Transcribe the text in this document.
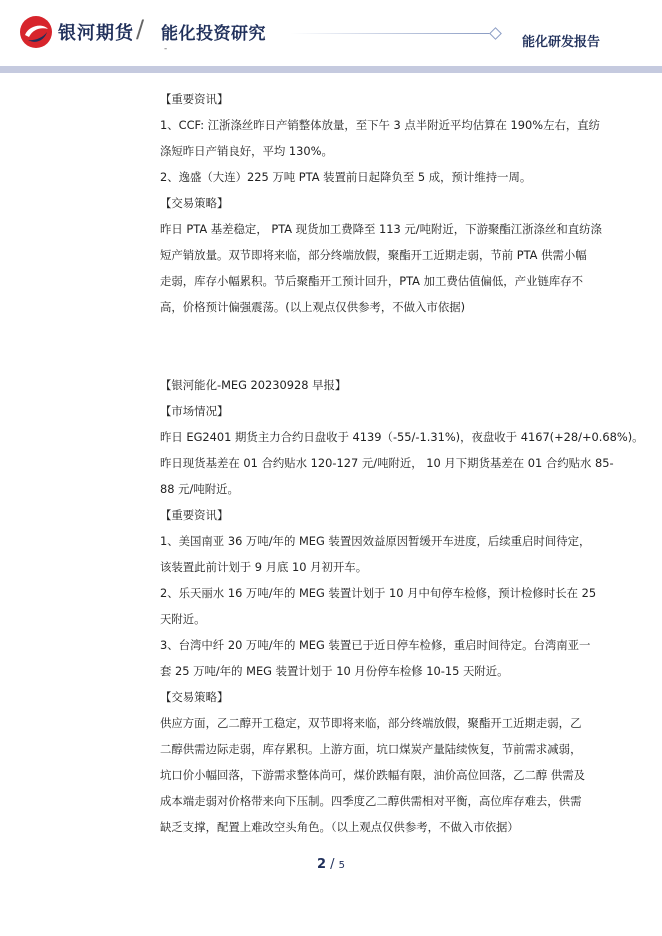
银河期货 / 能化投资研究
-	能化研发报告
【重要资讯】
1、CCF: 江浙涤丝昨日产销整体放量，至下午 3 点半附近平均估算在 190%左右，直纺
涤短昨日产销良好，平均 130%。
2、逸盛（大连）225 万吨 PTA 装置前日起降负至 5 成，预计维持一周。
【交易策略】
昨日 PTA 基差稳定， PTA 现货加工费降至 113 元/吨附近，下游聚酯江浙涤丝和直纺涤
短产销放量。双节即将来临，部分终端放假，聚酯开工近期走弱，节前 PTA 供需小幅
走弱，库存小幅累积。节后聚酯开工预计回升，PTA 加工费估值偏低，产业链库存不
高，价格预计偏强震荡。(以上观点仅供参考，不做入市依据)
【银河能化-MEG 20230928 早报】
【市场情况】
昨日 EG2401 期货主力合约日盘收于 4139（-55/-1.31%)，夜盘收于 4167(+28/+0.68%)。
昨日现货基差在 01 合约贴水 120-127 元/吨附近， 10 月下期货基差在 01 合约贴水 85-
88 元/吨附近。
【重要资讯】
1、美国南亚 36 万吨/年的 MEG 装置因效益原因暂缓开车进度，后续重启时间待定，
该装置此前计划于 9 月底 10 月初开车。
2、乐天丽水 16 万吨/年的 MEG 装置计划于 10 月中旬停车检修，预计检修时长在 25
天附近。
3、台湾中纤 20 万吨/年的 MEG 装置已于近日停车检修，重启时间待定。台湾南亚一
套 25 万吨/年的 MEG 装置计划于 10 月份停车检修 10-15 天附近。
【交易策略】
供应方面，乙二醇开工稳定，双节即将来临，部分终端放假，聚酯开工近期走弱，乙
二醇供需边际走弱，库存累积。上游方面，坑口煤炭产量陆续恢复，节前需求减弱，
坑口价小幅回落，下游需求整体尚可，煤价跌幅有限，油价高位回落，乙二醇 供需及
成本端走弱对价格带来向下压制。四季度乙二醇供需相对平衡，高位库存难去，供需
缺乏支撑，配置上难改空头角色。（以上观点仅供参考，不做入市依据）
2 / 5
